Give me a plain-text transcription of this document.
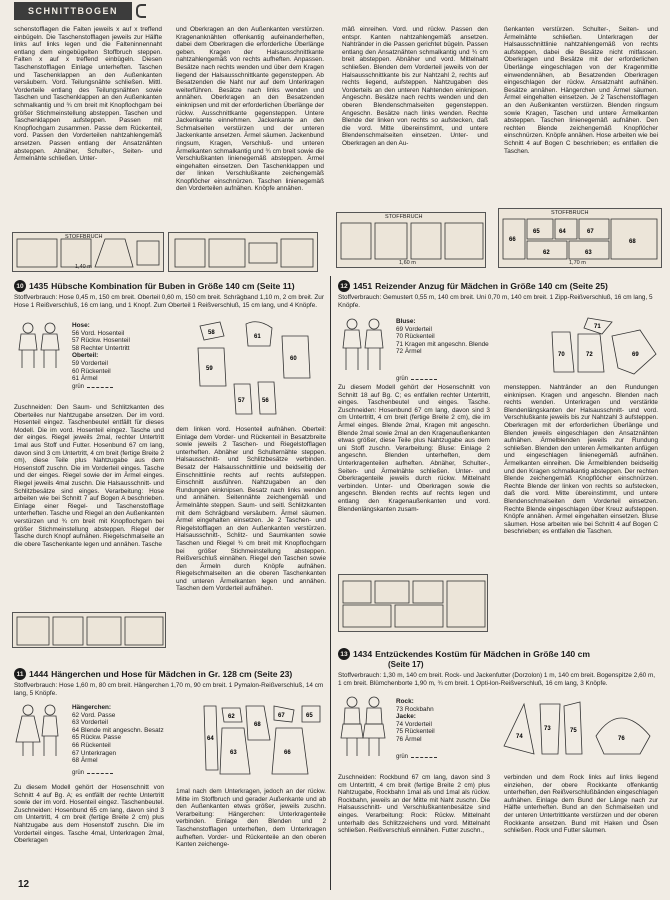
SCHNITTBOGEN

schenstofflagen die Falten jeweils x auf x treffend einbügeln. Die Taschenstofflagen jeweils zur Hälfte links auf links legen und die Falteninnennaht entlang dem eingebügelten Stoffbruch steppen. Falten x auf x treffend einbügeln. Diesen Taschenstofflagen Einlage unterheften. Taschen und Taschenklappen an den Außenkanten versäubern. Vord. Teilungsnähte schließen. Mittl. Vorderteile entlang des Teilungsnähten sowie Taschen und Taschenklappen an den Außenkanten schmalkantig und ¾ cm breit mit Knopflochgarn bei größer Stichmeinstellung absteppen. Taschen und Taschenklappen aufsteppen. Passen mit Knopflochgarn zusammen. Passe dem Rückenteil, vord. Passen den Vorderteilen nahtzahlengemäß ansetzen. Passen entlang der Ansatznähten absteppen. Abnäher, Schulter-, Seiten- und Ärmelnähte schließen. Unter-

und Oberkragen an den Außenkanten verstürzen. Kragenanknähten offenkantig aufeinanderheften, dabei dem Oberkragen die erforderliche Überlänge geben. Kragen der Halsausschnittkante nahtzahlengemäß von rechts aufheften. Anpassen. Besätze nach rechts wenden und über dem Kragen liegend der Halsausschnittkante gegensteppen. Ab Besatzenden die Naht nur auf dem Unterkragen weiterführen. Besätze nach links wenden und annähen. Oberkragen an den Besatzenden einknipsen und mit der erforderlichen Überlänge der rückw. Ausschnittkante gegensteppen. Untere Jackenkante einnehmen. Jackenkante an den Schmalseiten verstürzen und der unteren Jackenkante ansetzen. Ärmel säumen. Jackenbund ringsum, Kragen, Verschluß- und unteren Ärmelkanten schmalkantig und ¾ cm breit sowie die Verschlußkanten linienegemäß absteppen. Ärmel eingehalten einsetzen. Den Taschenklappen und der linken Verschlußkante zeichengemäß Knopflöcher einschnürzen. Taschen linienegemäß den Vorderteilen aufnähen. Knöpfe annähen.

mäß einreihen. Vord. und rückw. Passen den entspr. Kanten nahtzahlengemäß ansetzen. Nahtränder in die Passen gerichtet bügeln. Passen entlang den Ansatznähten schmalkantig und ¾ cm breit absteppen. Abnäher und vord. Mittelnaht schließen. Blenden dem Vorderteil jeweils von der Halsausschnittkante bis zur Nahtzahl 2, rechts auf rechts liegend, aufsteppen. Nahtzugaben des Vorderteils an den unteren Nahtenden einknipsen. Angeschn. Besätze nach rechts wenden und den oberen Blendenschmalseiten gegensteppen. Angeschn. Besätze nach links wenden. Rechte Blende der linken von rechts so aufstecken, daß die vord. Mitte übereinstimmt, und untere Blendenschmalseiten einsetzen. Unter- und Oberkragen an den Au-

ßenkanten verstürzen. Schulter-, Seiten- und Ärmelnähte schließen. Unterkragen der Halsausschnittlinie nahtzahlengemäß von rechts aufsteppen, dabei die Besätze nicht mitfassen. Oberkragen und Besätze mit der erforderlichen Überlänge eingeschlagen von der Kragenmitte einwendennähen, ab Besatzenden Oberkragen eingeschlagen der rückw. Ansatznaht aufnähen. Besätze annähen. Hängerchen und Ärmel säumen. Ärmel eingehalten einsetzen. Je 2 Taschenstofflagen an den Außenkanten verstürzen. Blenden ringsum sowie Kragen, Taschen und untere Ärmelkanten absteppen. Taschen linienegemäß aufnähen. Den rechten Blende zeichengemäß Knopflöcher einschnürzen. Knöpfe annähen. Hose arbeiten wie bei Schnitt 4 auf Bogen C beschrieben; es entfallen die Taschen.

STOFFBRUCH
1,40 m
STOFFBRUCH
1,60 m
66
65	64	67
62	63
68
STOFFBRUCH
1,70 m
10 1435 Hübsche Kombination für Buben in Größe 140 cm (Seite 11)
Stoffverbrauch: Hose 0,45 m, 150 cm breit. Oberteil 0,60 m, 150 cm breit. Schrägband 1,10 m, 2 cm breit. Zur Hose 1 Reißverschluß, 16 cm lang, und 1 Knopf. Zum Oberteil 1 Reißverschluß, 15 cm lang, und 4 Knöpfe.
Hose:
56 Vord. Hosenteil
57 Rückw. Hosenteil
58 Rechter Untertritt
Oberteil:
59 Vorderteil
60 Rückenteil
61 Ärmel
grün
58
61
59
60
57	56

Zuschneiden: Den Saum- und Schlitzkanten des Oberteiles nur Nahtzugabe ansetzen. Der im vord. Hosenteil eingez. Taschenbeutel entfällt für dieses Modell. Die im vord. Hosenteil eingez. Tasche und der einges. Riegel jeweils 2mal, rechter Untertritt 1mal aus Stoff und Futter. Hosenbund 67 cm lang, davon sind 3 cm Untertritt, 4 cm breit (fertige Breite 2 cm), diese Teile plus Nahtzugabe aus dem Hosenstoff zuschn. Die im Vorderteil einges. Tasche und der einges. Riegel sowie der im Ärmel einges. Riegel jeweils 4mal zuschn. Die Halsausschnitt- und Schlitzbesätze sind einges. Verarbeitung: Hose arbeiten wie bei Schnitt 7 auf Bogen A beschrieben. Einlage einer Riegel- und Taschenstofflage unterheften. Tasche und Riegel an den Außenkanten verstürzen und ¾ cm breit mit Knopflochgarn bei größer Stichmeinstellung absteppen. Riegel der Tasche durch Knopf aufnähen. Riegelschmalseite an die obere Taschenkante legen und annähen. Tasche

dem linken vord. Hosenteil aufnähen. Oberteil: Einlage dem Vorder- und Rückenteil in Besatzbreite sowie jeweils 2 Taschen- und Riegelstofflagen unterheften. Abnäher und Schulternähte steppen. Halsausschnitt- und Schlitzbesätze verbinden. Besatz der Halsausschnittlinie und beidseitig der Einschnittlinie rechts auf rechts aufsteppen. Einschnitt ausführen. Nahtzugaben an den Rundungen einknipsen. Besatz nach links wenden und annähen. Seitennähte zeichengemäß und Ärmelnähte steppen. Saum- und seitl. Schlitzkanten mit dem Schrägband versäubern. Ärmel säumen. Ärmel eingehalten einsetzen. Je 2 Taschen- und Riegelstofflagen an den Außenkanten verstürzen. Halsausschnitt-, Schlitz- und Saumkanten sowie Taschen und Riegel ¾ cm breit mit Knopflochgarn bei größer Stichmeinstellung absteppen. Reißverschluß einnähen. Riegel den Taschen sowie den Ärmeln durch Knöpfe aufnähen. Riegelschmalseiten an die oberen Taschenkanten und unteren Ärmelkanten legen und annähen. Taschen dem Vorderteil aufnähen.

11 1444 Hängerchen und Hose für Mädchen in Gr. 128 cm (Seite 23)
Stoffverbrauch: Hose 1,60 m, 80 cm breit. Hängerchen 1,70 m, 90 cm breit. 1 Pymalon-Reißverschluß, 14 cm lang, 5 Knöpfe.
Hängerchen:
62 Vord. Passe
63 Vorderteil
64 Blende mit angeschn. Besatz
65 Rückw. Passe
66 Rückenteil
67 Unterkragen
68 Ärmel
grün
64
62
68
63
67
66
65

Zu diesem Modell gehört der Hosenschnitt von Schnitt 4 auf Bg. A; es entfällt der rechte Untertritt sowie der im vord. Hosenteil eingez. Taschenbeutel. Zuschneiden: Hosenbund 65 cm lang, davon sind 3 cm Untertritt, 4 cm breit (fertige Breite 2 cm) plus Nahtzugabe aus dem Hosenstoff zuschn. Die im Vorderteil einges. Tasche 4mal, Unterkragen 2mal, Oberkragen

1mal nach dem Unterkragen, jedoch an der rückw. Mitte im Stoffbruch und gerader Außenkante und ab den Außenkanten etwas größer, jeweils zuschn. Verarbeitung: Hängerchen: Unterkragenteile verbinden. Einlage den Blenden und 2 Taschenstofflagen unterheften, dem Unterkragen aufheften. Vorder- und Rückenteile an den oberen Kanten zeichenge-

12 1451 Reizender Anzug für Mädchen in Größe 140 cm (Seite 25)
Stoffverbrauch: Gemustert 0,55 m, 140 cm breit. Uni 0,70 m, 140 cm breit. 1 Zipp-Reißverschluß, 16 cm lang, 5 Knöpfe.
Bluse:
69 Vorderteil
70 Rückenteil
71 Kragen mit angeschn. Blende
72 Ärmel
grün
71
70	72	69

Zu diesem Modell gehört der Hosenschnitt von Schnitt 18 auf Bg. C; es entfallen rechter Untertritt, einges. Taschenbeutel und einges. Tasche. Zuschneiden: Hosenbund 67 cm lang, davon sind 3 cm Untertritt, 4 cm breit (fertige Breite 2 cm), die im Ärmel einges. Blende 2mal, Kragen mit angeschn. Blende 2mal sowie 2mal an den Kragenaußenkanten etwas größer, diese Teile plus Nahtzugabe aus dem uni Stoff zuschn. Verarbeitung: Bluse: Einlage 2 angeschn. Blenden unterheften, dem Unterkragenteilen aufheften. Abnäher, Schulter-, Seiten- und Ärmelnähte schließen. Unter- und Oberkragenteile jeweils durch rückw. Mittelnaht verbinden. Unter- und Oberkragen sowie die angeschn. Blenden rechts auf rechts legen und entlang den Kragenaußenkanten und vord. Blendenlängskanten zusam-

mensteppen. Nahtränder an den Rundungen einknipsen. Kragen und angeschn. Blenden nach rechts wenden. Unterkragen und verstärkte Blendenlängskanten der Halsausschnitt- und vord. Verschlußkante jeweils bis zur Nahtzahl 3 aufsteppen. Oberkragen mit der erforderlichen Überlänge und Blenden jeweils eingeschlagen den Ansatznähten aufnähen. Ärmelblenden jeweils zur Rundung schließen. Blenden den unteren Ärmelkanten anfügen und eingeschlagen linienegemäß aufnähen. Ärmelkanten einreihen. Die Ärmelblenden beidseitig und den Kragen schmalkantig absteppen. Der rechten Blende zeichengemäß Knopflöcher einschnürzen. Rechte Blende der linken von rechts so aufstecken, daß die vord. Mitte übereinstimmt, und untere Blendenschmalseiten dem Vorderteil einsetzen. Rechte Blende eingeschlagen über Kreuz aufsteppen. Knöpfe annähen. Ärmel eingehalten einsetzen. Bluse säumen. Hose arbeiten wie bei Schnitt 4 auf Bogen C beschrieben; es entfallen die Taschen.

13 1434 Entzückendes Kostüm für Mädchen in Größe 140 cm
(Seite 17)
Stoffverbrauch: 1,30 m, 140 cm breit. Rock- und Jackenfutter (Dorzolon) 1 m, 140 cm breit. Bogenspitze 2,60 m, 1 cm breit. Blümchenborte 1,90 m, ¾ cm breit. 1 Opti-lon-Reißverschluß, 16 cm lang, 3 Knöpfe.
Rock:
73 Rockbahn
Jacke:
74 Vorderteil
75 Rückenteil
76 Ärmel
grün
74
73	75
76

Zuschneiden: Rockbund 67 cm lang, davon sind 3 cm Untertritt, 4 cm breit (fertige Breite 2 cm) plus Nahtzugabe, Rockbahn 1mal als und 1mal als rückw. Rockbahn, jeweils an der Mitte mit Naht zuschn. Die Halsausschnitt- und Verschlußkantenbesätze sind einges. Verarbeitung: Rock: Rückw. Mittelnaht unterhalb des Schlitzzeichens und vord. Mittelnaht schließen. Reißverschluß einnähen. Futter zuschn.,

verbinden und dem Rock links auf links liegend einziehen, der obere Rockkante offenkantig unterheften, den Reißverschlußbänden eingeschlagen aufnähen. Einlage dem Bund der Länge nach zur Hälfte unterheften. Bund an den Schmalseiten und der unteren Untertrittkante verstürzen und der oberen Rockkante ansetzen. Bund mit Haken und Ösen schließen. Rock und Futter säumen.

12
